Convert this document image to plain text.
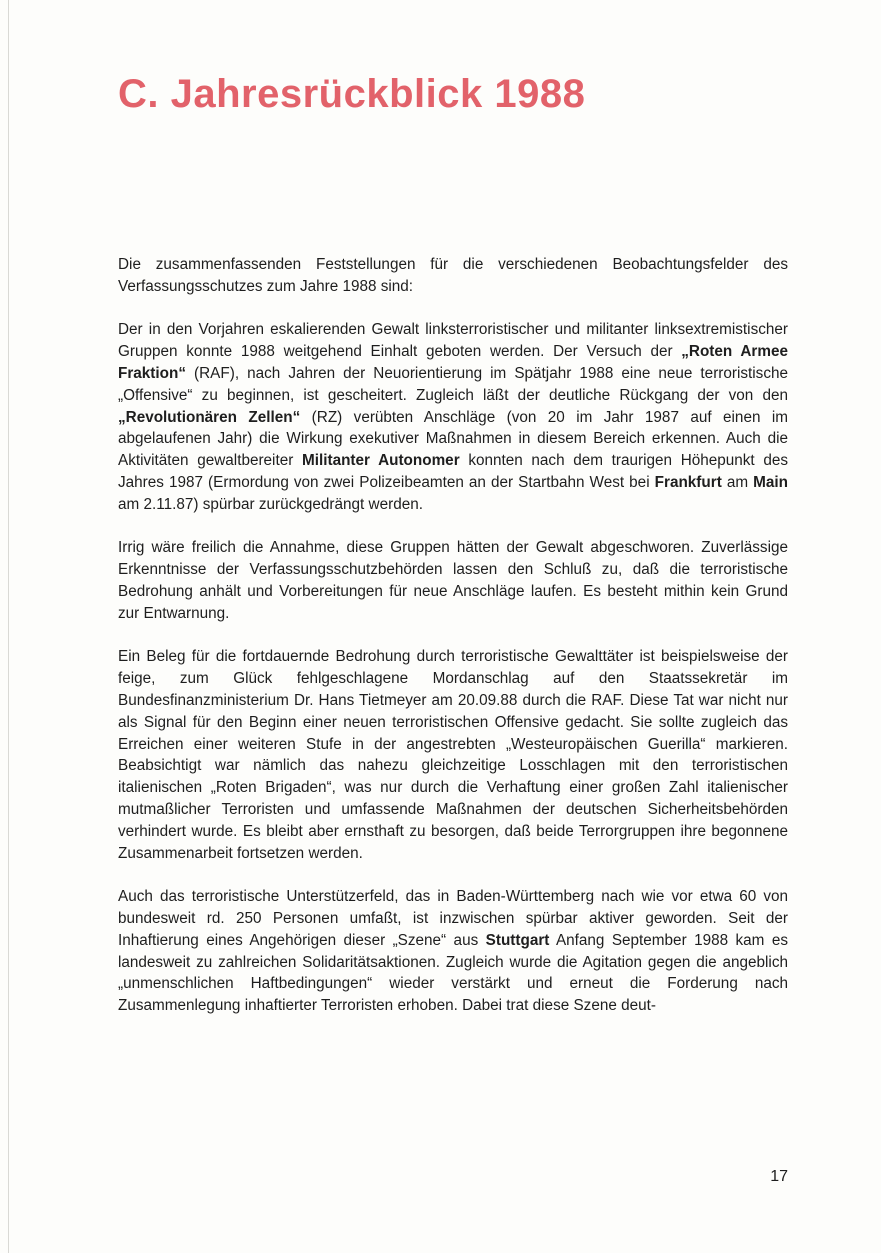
C. Jahresrückblick 1988

Die zusammenfassenden Feststellungen für die verschiedenen Beobachtungsfelder des Verfassungsschutzes zum Jahre 1988 sind:

Der in den Vorjahren eskalierenden Gewalt linksterroristischer und militanter linksextremistischer Gruppen konnte 1988 weitgehend Einhalt geboten werden. Der Versuch der „Roten Armee Fraktion“ (RAF), nach Jahren der Neuorientierung im Spätjahr 1988 eine neue terroristische „Offensive“ zu beginnen, ist gescheitert. Zugleich läßt der deutliche Rückgang der von den „Revolutionären Zellen“ (RZ) verübten Anschläge (von 20 im Jahr 1987 auf einen im abgelaufenen Jahr) die Wirkung exekutiver Maßnahmen in diesem Bereich erkennen. Auch die Aktivitäten gewaltbereiter Militanter Autonomer konnten nach dem traurigen Höhepunkt des Jahres 1987 (Ermordung von zwei Polizeibeamten an der Startbahn West bei Frankfurt am Main am 2.11.87) spürbar zurückgedrängt werden.

Irrig wäre freilich die Annahme, diese Gruppen hätten der Gewalt abgeschworen. Zuverlässige Erkenntnisse der Verfassungsschutzbehörden lassen den Schluß zu, daß die terroristische Bedrohung anhält und Vorbereitungen für neue Anschläge laufen. Es besteht mithin kein Grund zur Entwarnung.

Ein Beleg für die fortdauernde Bedrohung durch terroristische Gewalttäter ist beispielsweise der feige, zum Glück fehlgeschlagene Mordanschlag auf den Staatssekretär im Bundesfinanzministerium Dr. Hans Tietmeyer am 20.09.88 durch die RAF. Diese Tat war nicht nur als Signal für den Beginn einer neuen terroristischen Offensive gedacht. Sie sollte zugleich das Erreichen einer weiteren Stufe in der angestrebten „Westeuropäischen Guerilla“ markieren. Beabsichtigt war nämlich das nahezu gleichzeitige Losschlagen mit den terroristischen italienischen „Roten Brigaden“, was nur durch die Verhaftung einer großen Zahl italienischer mutmaßlicher Terroristen und umfassende Maßnahmen der deutschen Sicherheitsbehörden verhindert wurde. Es bleibt aber ernsthaft zu besorgen, daß beide Terrorgruppen ihre begonnene Zusammenarbeit fortsetzen werden.

Auch das terroristische Unterstützerfeld, das in Baden-Württemberg nach wie vor etwa 60 von bundesweit rd. 250 Personen umfaßt, ist inzwischen spürbar aktiver geworden. Seit der Inhaftierung eines Angehörigen dieser „Szene“ aus Stuttgart Anfang September 1988 kam es landesweit zu zahlreichen Solidaritätsaktionen. Zugleich wurde die Agitation gegen die angeblich „unmenschlichen Haftbedingungen“ wieder verstärkt und erneut die Forderung nach Zusammenlegung inhaftierter Terroristen erhoben. Dabei trat diese Szene deut-

17
